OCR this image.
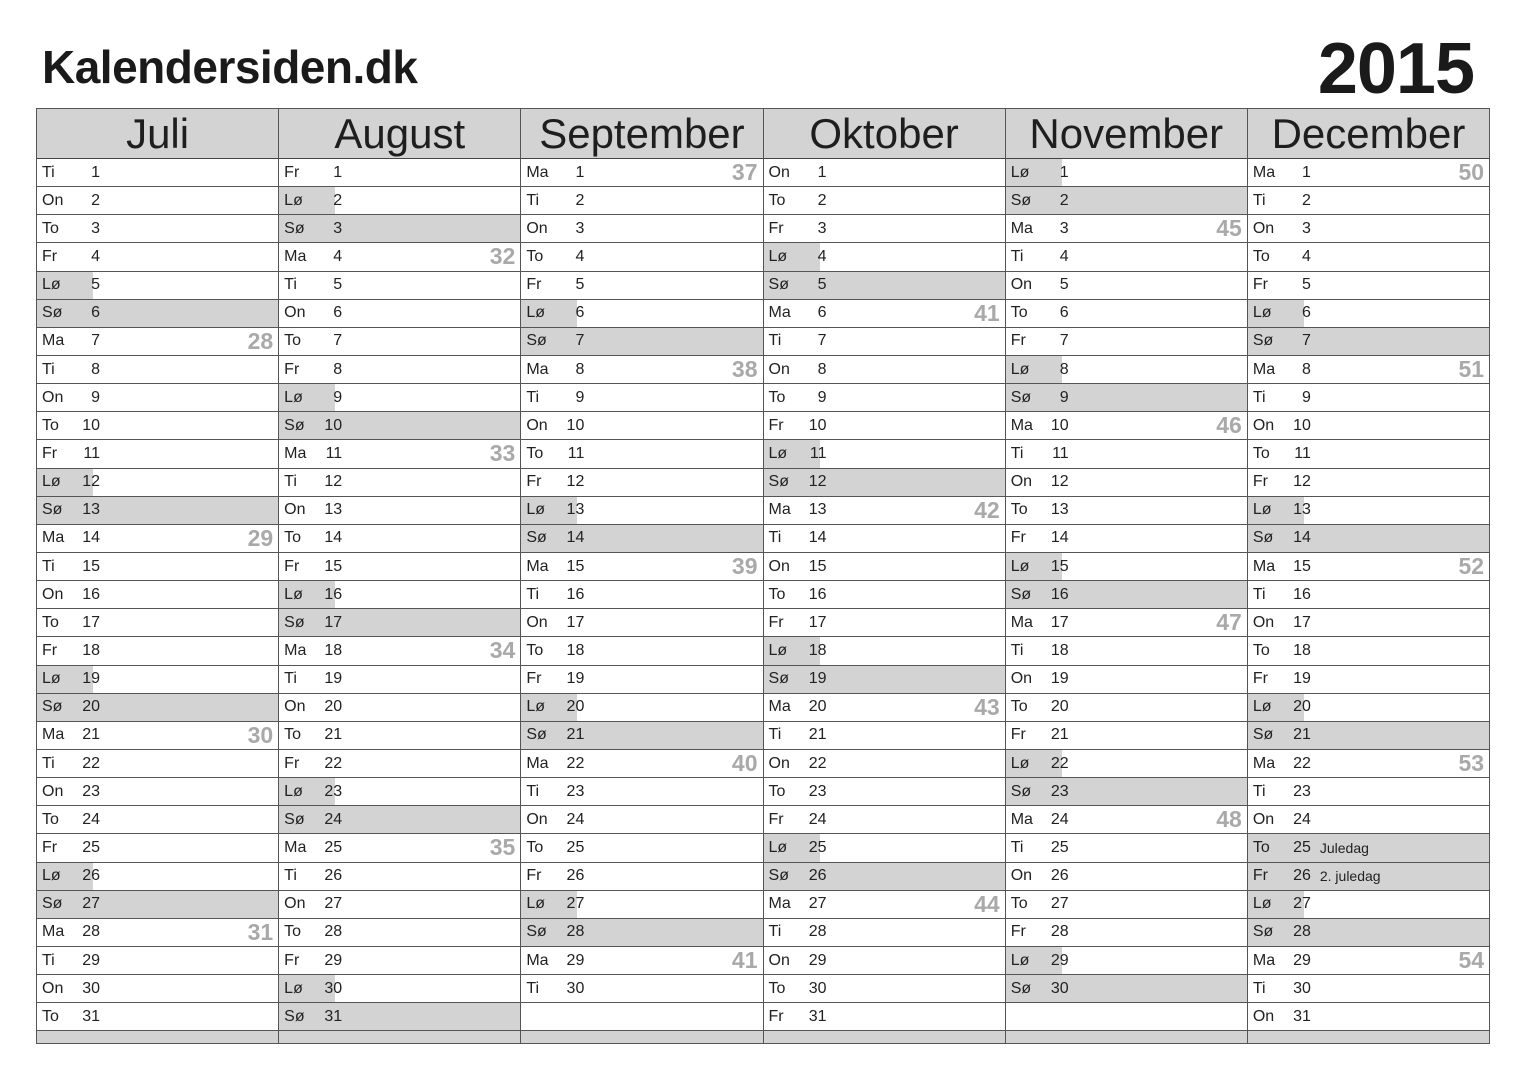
Kalendersiden.dk	2015
Juli
Ti	1
On	2
To	3
Fr	4
Lø	5
Sø	6
Ma	7	28
Ti	8
On	9
To	10
Fr	11
Lø	12
Sø	13
Ma	14	29
Ti	15
On	16
To	17
Fr	18
Lø	19
Sø	20
Ma	21	30
Ti	22
On	23
To	24
Fr	25
Lø	26
Sø	27
Ma	28	31
Ti	29
On	30
To	31
August
Fr	1
Lø	2
Sø	3
Ma	4	32
Ti	5
On	6
To	7
Fr	8
Lø	9
Sø	10
Ma	11	33
Ti	12
On	13
To	14
Fr	15
Lø	16
Sø	17
Ma	18	34
Ti	19
On	20
To	21
Fr	22
Lø	23
Sø	24
Ma	25	35
Ti	26
On	27
To	28
Fr	29
Lø	30
Sø	31
September
Ma	1	37
Ti	2
On	3
To	4
Fr	5
Lø	6
Sø	7
Ma	8	38
Ti	9
On	10
To	11
Fr	12
Lø	13
Sø	14
Ma	15	39
Ti	16
On	17
To	18
Fr	19
Lø	20
Sø	21
Ma	22	40
Ti	23
On	24
To	25
Fr	26
Lø	27
Sø	28
Ma	29	41
Ti	30
Oktober
On	1
To	2
Fr	3
Lø	4
Sø	5
Ma	6	41
Ti	7
On	8
To	9
Fr	10
Lø	11
Sø	12
Ma	13	42
Ti	14
On	15
To	16
Fr	17
Lø	18
Sø	19
Ma	20	43
Ti	21
On	22
To	23
Fr	24
Lø	25
Sø	26
Ma	27	44
Ti	28
On	29
To	30
Fr	31
November
Lø	1
Sø	2
Ma	3	45
Ti	4
On	5
To	6
Fr	7
Lø	8
Sø	9
Ma	10	46
Ti	11
On	12
To	13
Fr	14
Lø	15
Sø	16
Ma	17	47
Ti	18
On	19
To	20
Fr	21
Lø	22
Sø	23
Ma	24	48
Ti	25
On	26
To	27
Fr	28
Lø	29
Sø	30
December
Ma	1	50
Ti	2
On	3
To	4
Fr	5
Lø	6
Sø	7
Ma	8	51
Ti	9
On	10
To	11
Fr	12
Lø	13
Sø	14
Ma	15	52
Ti	16
On	17
To	18
Fr	19
Lø	20
Sø	21
Ma	22	53
Ti	23
On	24
To	25 Juledag
Fr	26 2. juledag
Lø	27
Sø	28
Ma	29	54
Ti	30
On	31
